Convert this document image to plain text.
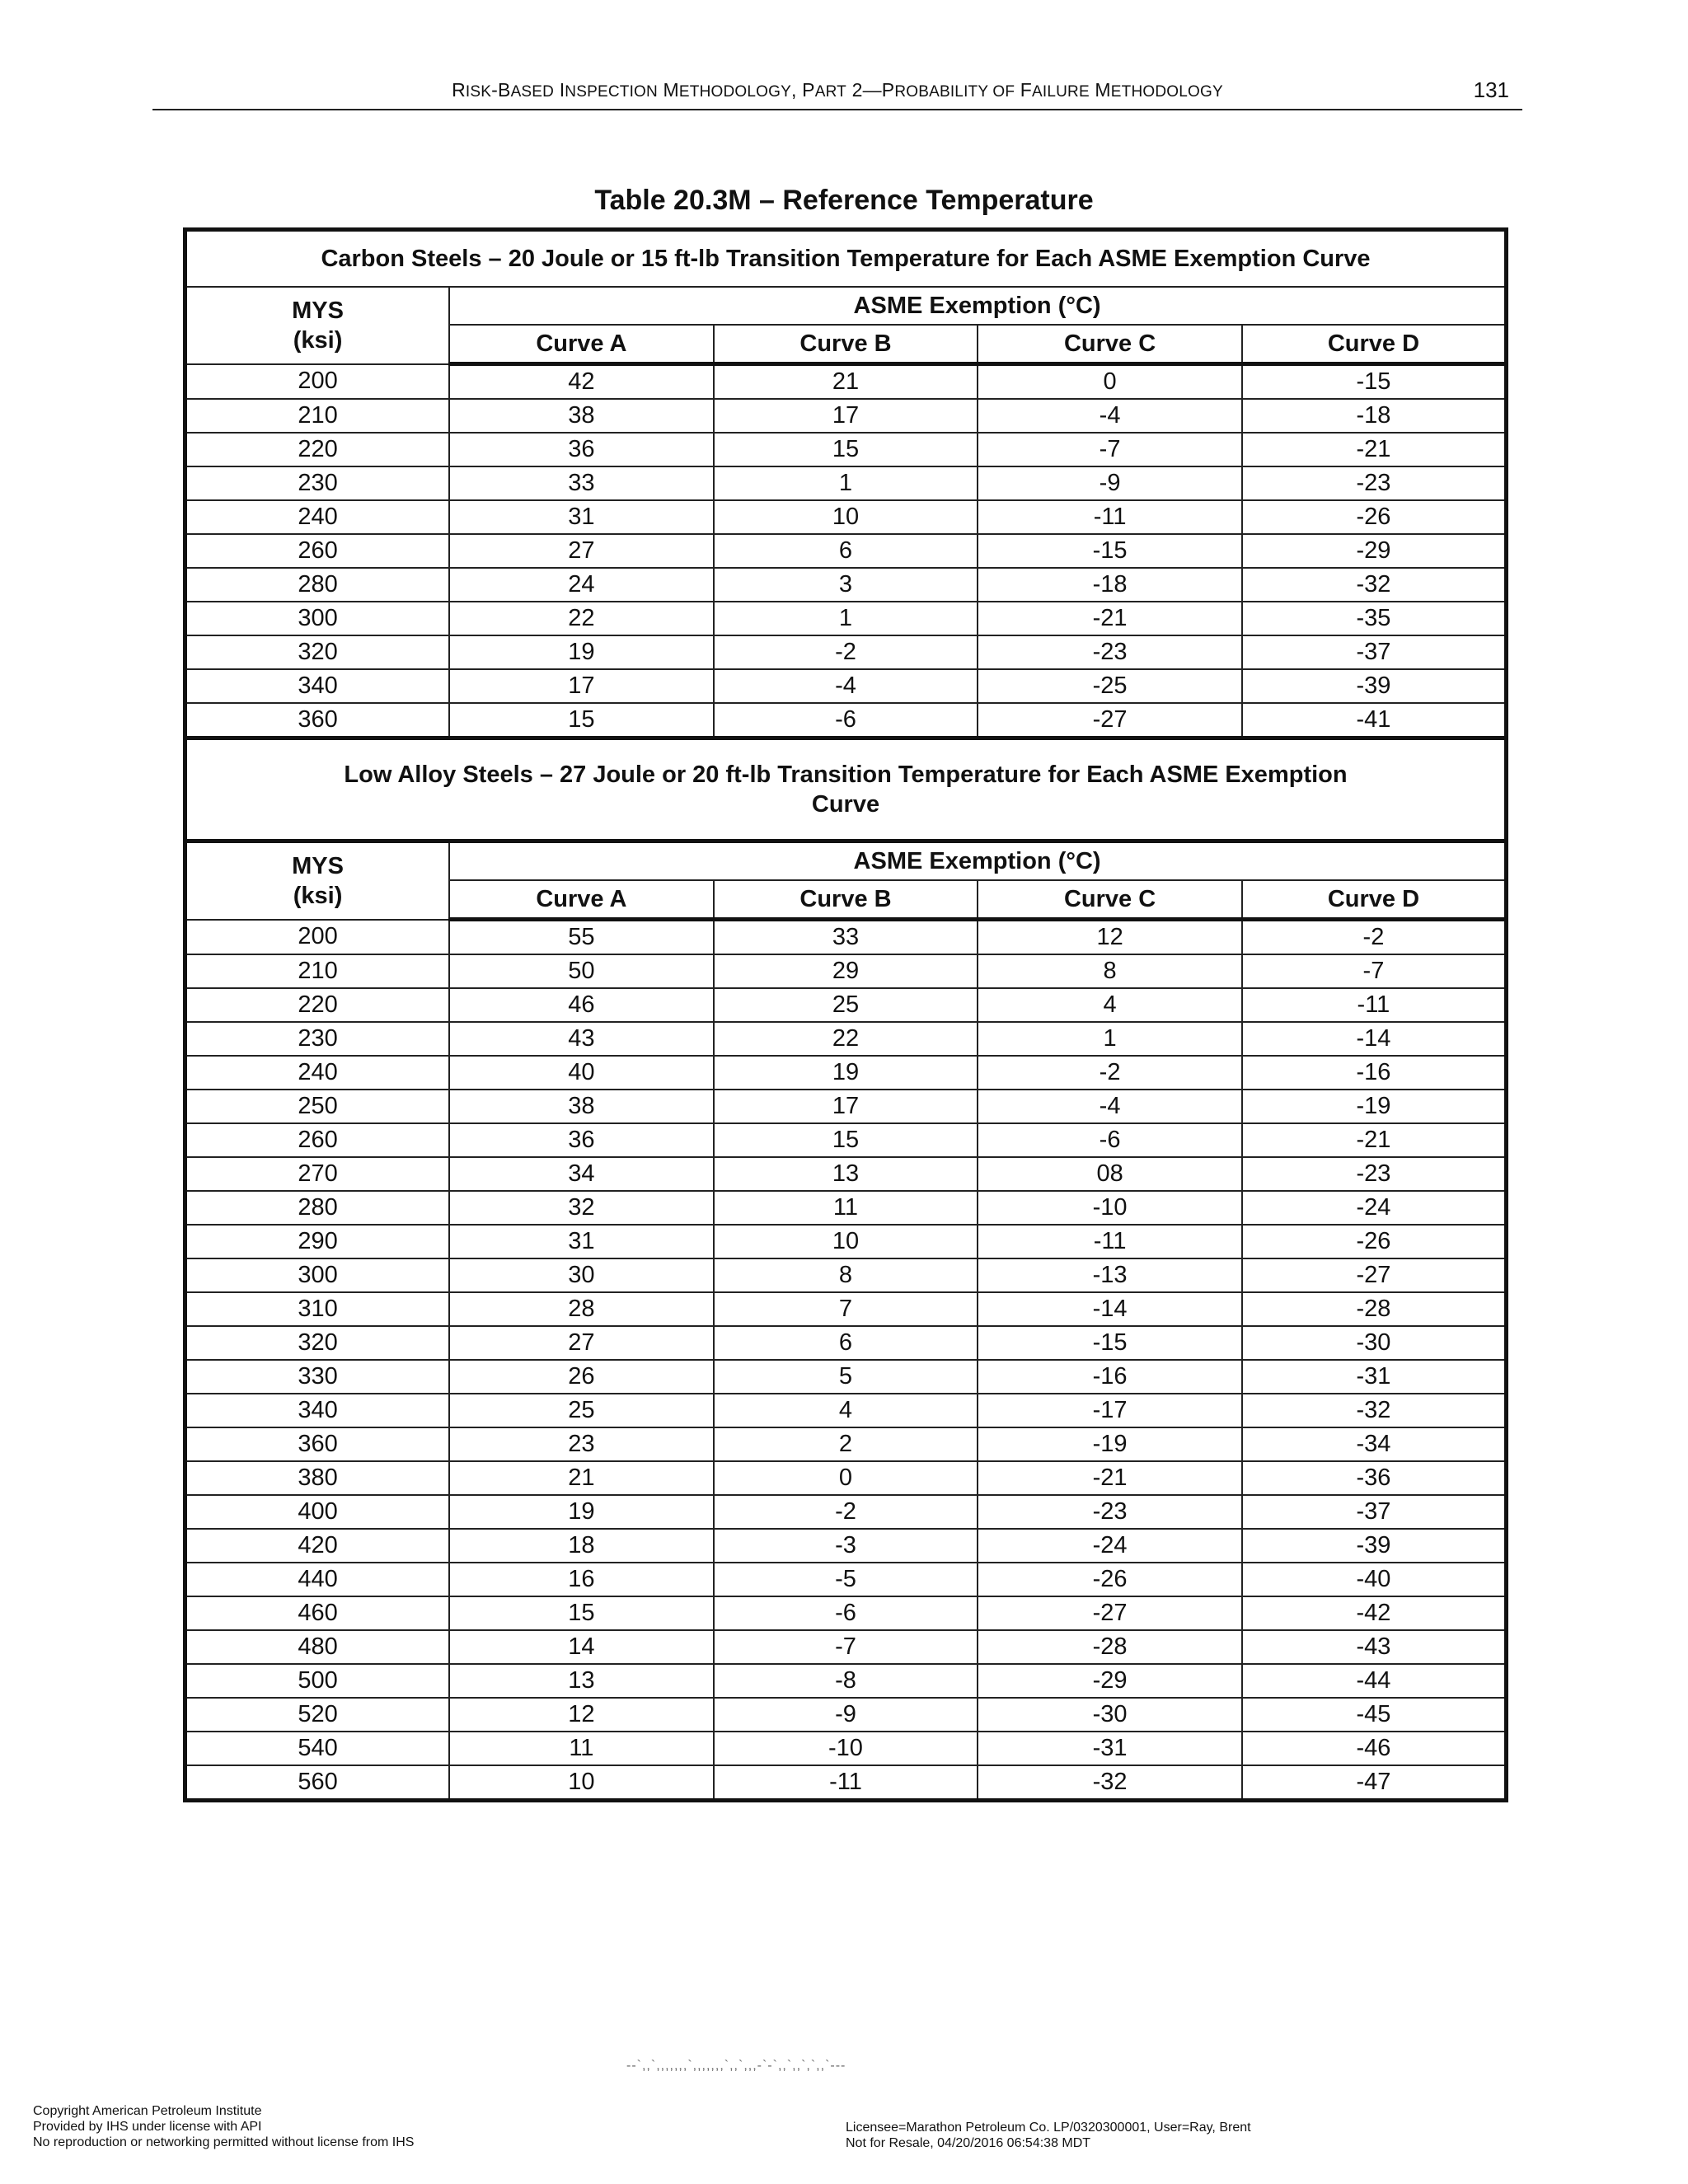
RISK-BASED INSPECTION METHODOLOGY, PART 2—PROBABILITY OF FAILURE METHODOLOGY	131
Table 20.3M – Reference Temperature
Carbon Steels – 20 Joule or 15 ft-lb Transition Temperature for Each ASME Exemption Curve				
MYS
(ksi)	ASME Exemption (°C)			
	Curve A	Curve B	Curve C	Curve D
200	42	21	0	-15
210	38	17	-4	-18
220	36	15	-7	-21
230	33	1	-9	-23
240	31	10	-11	-26
260	27	6	-15	-29
280	24	3	-18	-32
300	22	1	-21	-35
320	19	-2	-23	-37
340	17	-4	-25	-39
360	15	-6	-27	-41
Low Alloy Steels – 27 Joule or 20 ft-lb Transition Temperature for Each ASME Exemption
Curve				
MYS
(ksi)	ASME Exemption (°C)			
	Curve A	Curve B	Curve C	Curve D
200	55	33	12	-2
210	50	29	8	-7
220	46	25	4	-11
230	43	22	1	-14
240	40	19	-2	-16
250	38	17	-4	-19
260	36	15	-6	-21
270	34	13	08	-23
280	32	11	-10	-24
290	31	10	-11	-26
300	30	8	-13	-27
310	28	7	-14	-28
320	27	6	-15	-30
330	26	5	-16	-31
340	25	4	-17	-32
360	23	2	-19	-34
380	21	0	-21	-36
400	19	-2	-23	-37
420	18	-3	-24	-39
440	16	-5	-26	-40
460	15	-6	-27	-42
480	14	-7	-28	-43
500	13	-8	-29	-44
520	12	-9	-30	-45
540	11	-10	-31	-46
560	10	-11	-32	-47
--`,,`,,,,,,,`,,,,,,,`,,`,,,-`-`,,`,,`,`,,`---
Copyright American Petroleum Institute
Provided by IHS under license with API
No reproduction or networking permitted without license from IHS
Licensee=Marathon Petroleum Co. LP/0320300001, User=Ray, Brent
Not for Resale, 04/20/2016 06:54:38 MDT
